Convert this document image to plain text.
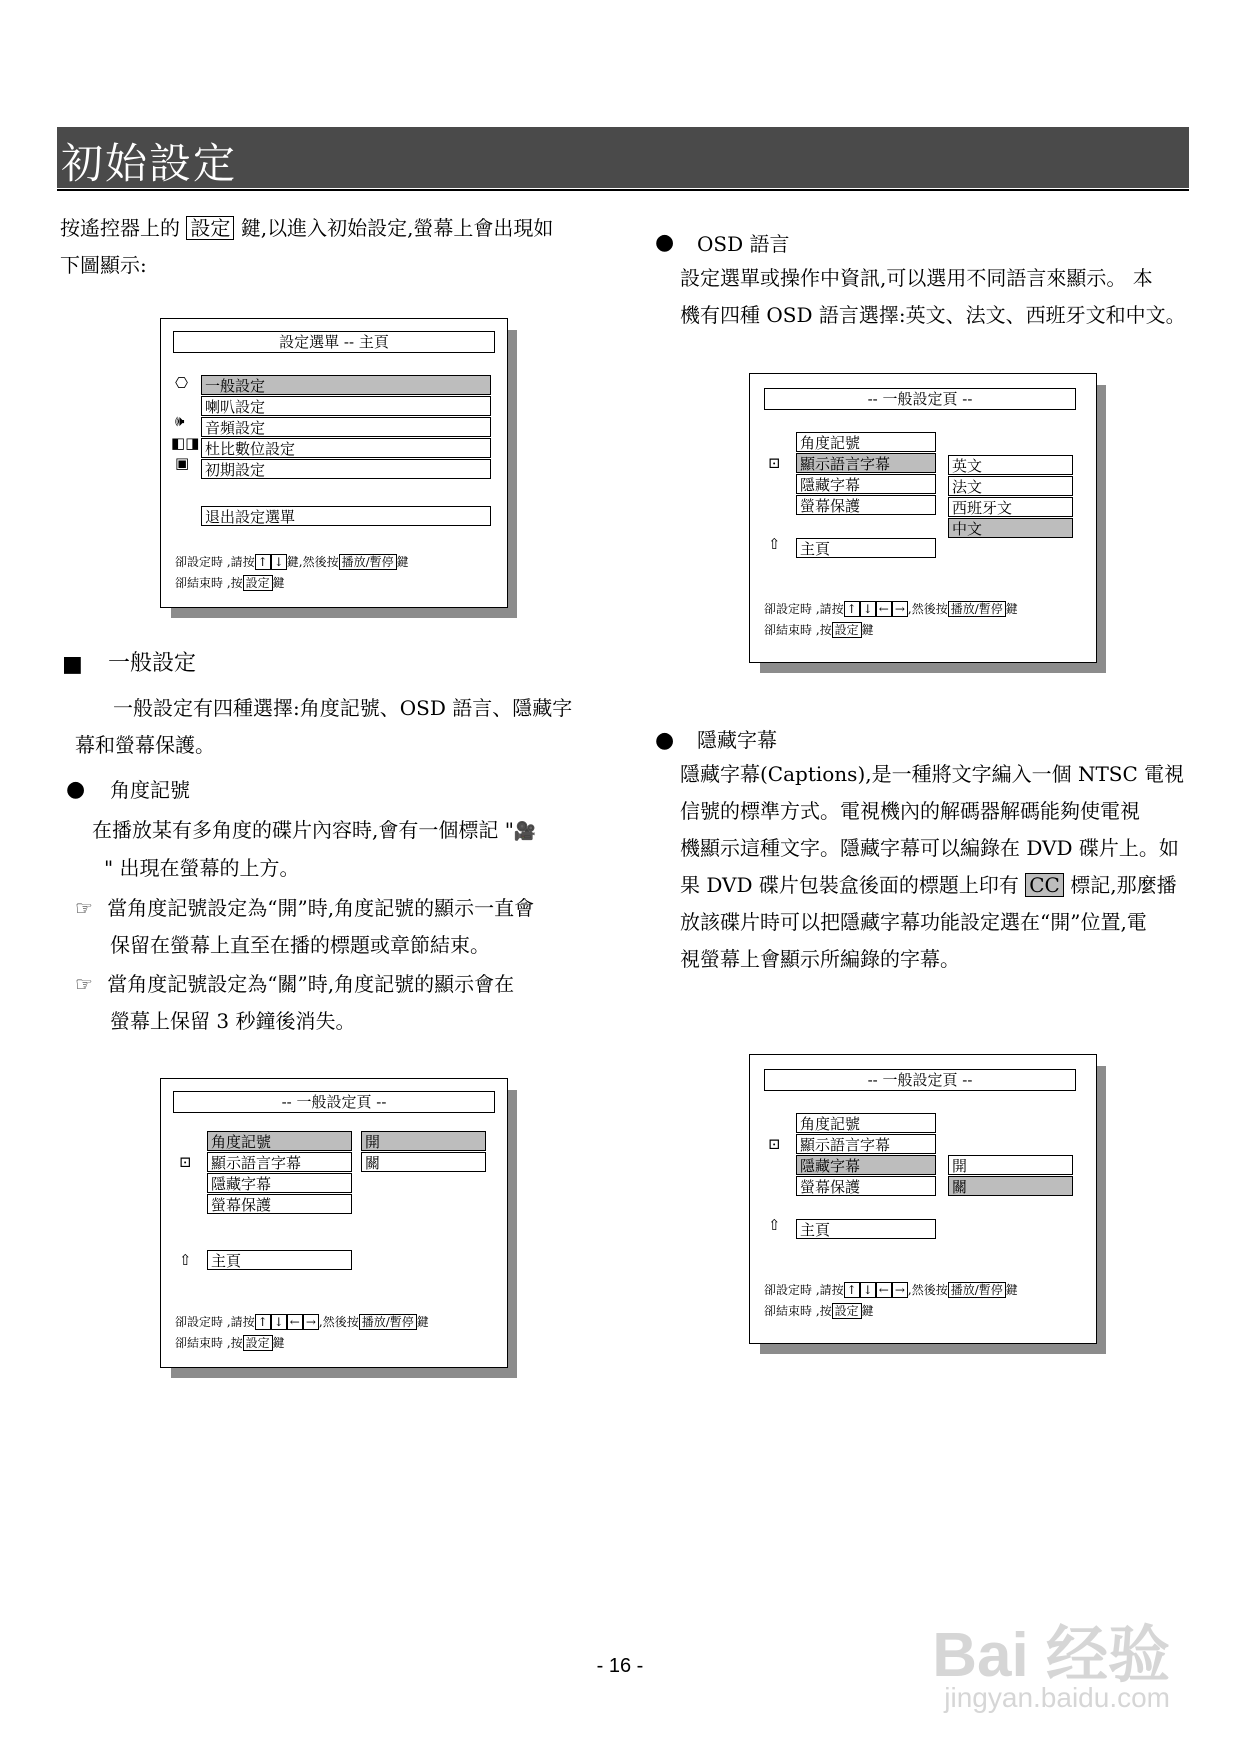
初始設定
按遙控器上的 設定 鍵,以進入初始設定,螢幕上會出現如
下圖顯示:
設定選單 -- 主頁
⎔
🕪
◧◨
▣
一般設定
喇叭設定
音頻設定
杜比數位設定
初期設定
退出設定選單
卻設定時 ,請按 ↑ ↓ 鍵,然後按 播放/暫停 鍵
卻結束時 ,按 設定 鍵
■ 一般設定
一般設定有四種選擇:角度記號、OSD 語言、隱藏字
幕和螢幕保護。
● 角度記號
在播放某有多角度的碟片內容時,會有一個標記 "🎥
" 出現在螢幕的上方。
☞ 當角度記號設定為“開”時,角度記號的顯示一直會
保留在螢幕上直至在播的標題或章節結束。
☞ 當角度記號設定為“關”時,角度記號的顯示會在
螢幕上保留 3 秒鐘後消失。
-- 一般設定頁 --
角度記號
顯示語言字幕
隱藏字幕
螢幕保護
⊡
開
關
⇧ 主頁
卻設定時 ,請按 ↑ ↓ ← → ,然後按 播放/暫停 鍵
卻結束時 ,按 設定 鍵
● OSD 語言
設定選單或操作中資訊,可以選用不同語言來顯示。 本
機有四種 OSD 語言選擇:英文、法文、西班牙文和中文。
-- 一般設定頁 --
角度記號
顯示語言字幕
隱藏字幕
螢幕保護
⊡	英文
法文
西班牙文
中文
⇧ 主頁
卻設定時 ,請按 ↑ ↓ ← → ,然後按 播放/暫停 鍵
卻結束時 ,按 設定 鍵
● 隱藏字幕
隱藏字幕(Captions),是一種將文字編入一個 NTSC 電視
信號的標準方式。電視機內的解碼器解碼能夠使電視
機顯示這種文字。隱藏字幕可以編錄在 DVD 碟片上。如
果 DVD 碟片包裝盒後面的標題上印有 CC 標記,那麼播
放該碟片時可以把隱藏字幕功能設定選在“開”位置,電
視螢幕上會顯示所編錄的字幕。
-- 一般設定頁 --
角度記號
顯示語言字幕
隱藏字幕
螢幕保護
⊡
開
關
⇧ 主頁
卻設定時 ,請按 ↑ ↓ ← → ,然後按 播放/暫停 鍵
卻結束時 ,按 設定 鍵
- 16 -	Bai 经验
jingyan.baidu.com
